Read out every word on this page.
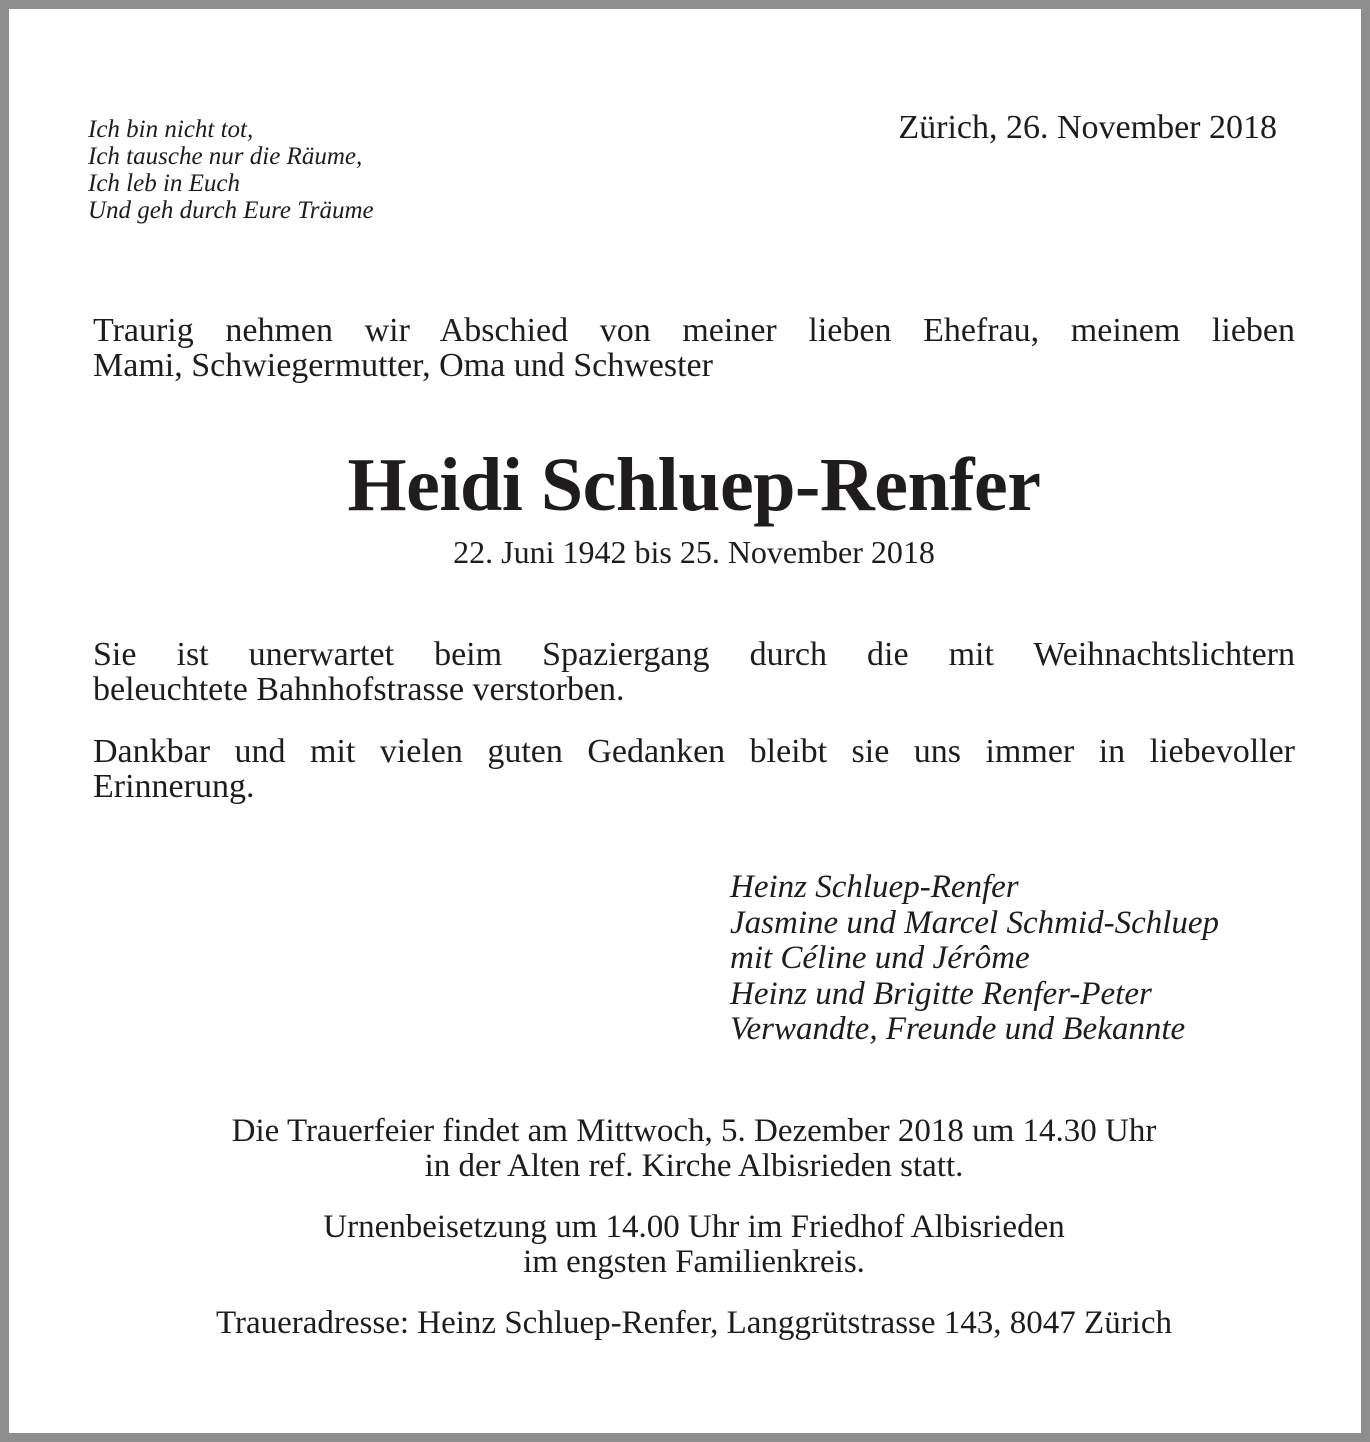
Ich bin nicht tot,
Ich tausche nur die Räume,
Ich leb in Euch
Und geh durch Eure Träume
Zürich, 26. November 2018
Traurig nehmen wir Abschied von meiner lieben Ehefrau, meinem lieben
Mami, Schwiegermutter, Oma und Schwester
Heidi Schluep-Renfer
22. Juni 1942 bis 25. November 2018
Sie ist unerwartet beim Spaziergang durch die mit Weihnachtslichtern
beleuchtete Bahnhofstrasse verstorben.
Dankbar und mit vielen guten Gedanken bleibt sie uns immer in liebevoller
Erinnerung.
Heinz Schluep-Renfer
Jasmine und Marcel Schmid-Schluep
mit Céline und Jérôme
Heinz und Brigitte Renfer-Peter
Verwandte, Freunde und Bekannte
Die Trauerfeier findet am Mittwoch, 5. Dezember 2018 um 14.30 Uhr
in der Alten ref. Kirche Albisrieden statt.
Urnenbeisetzung um 14.00 Uhr im Friedhof Albisrieden
im engsten Familienkreis.
Traueradresse: Heinz Schluep-Renfer, Langgrütstrasse 143, 8047 Zürich
